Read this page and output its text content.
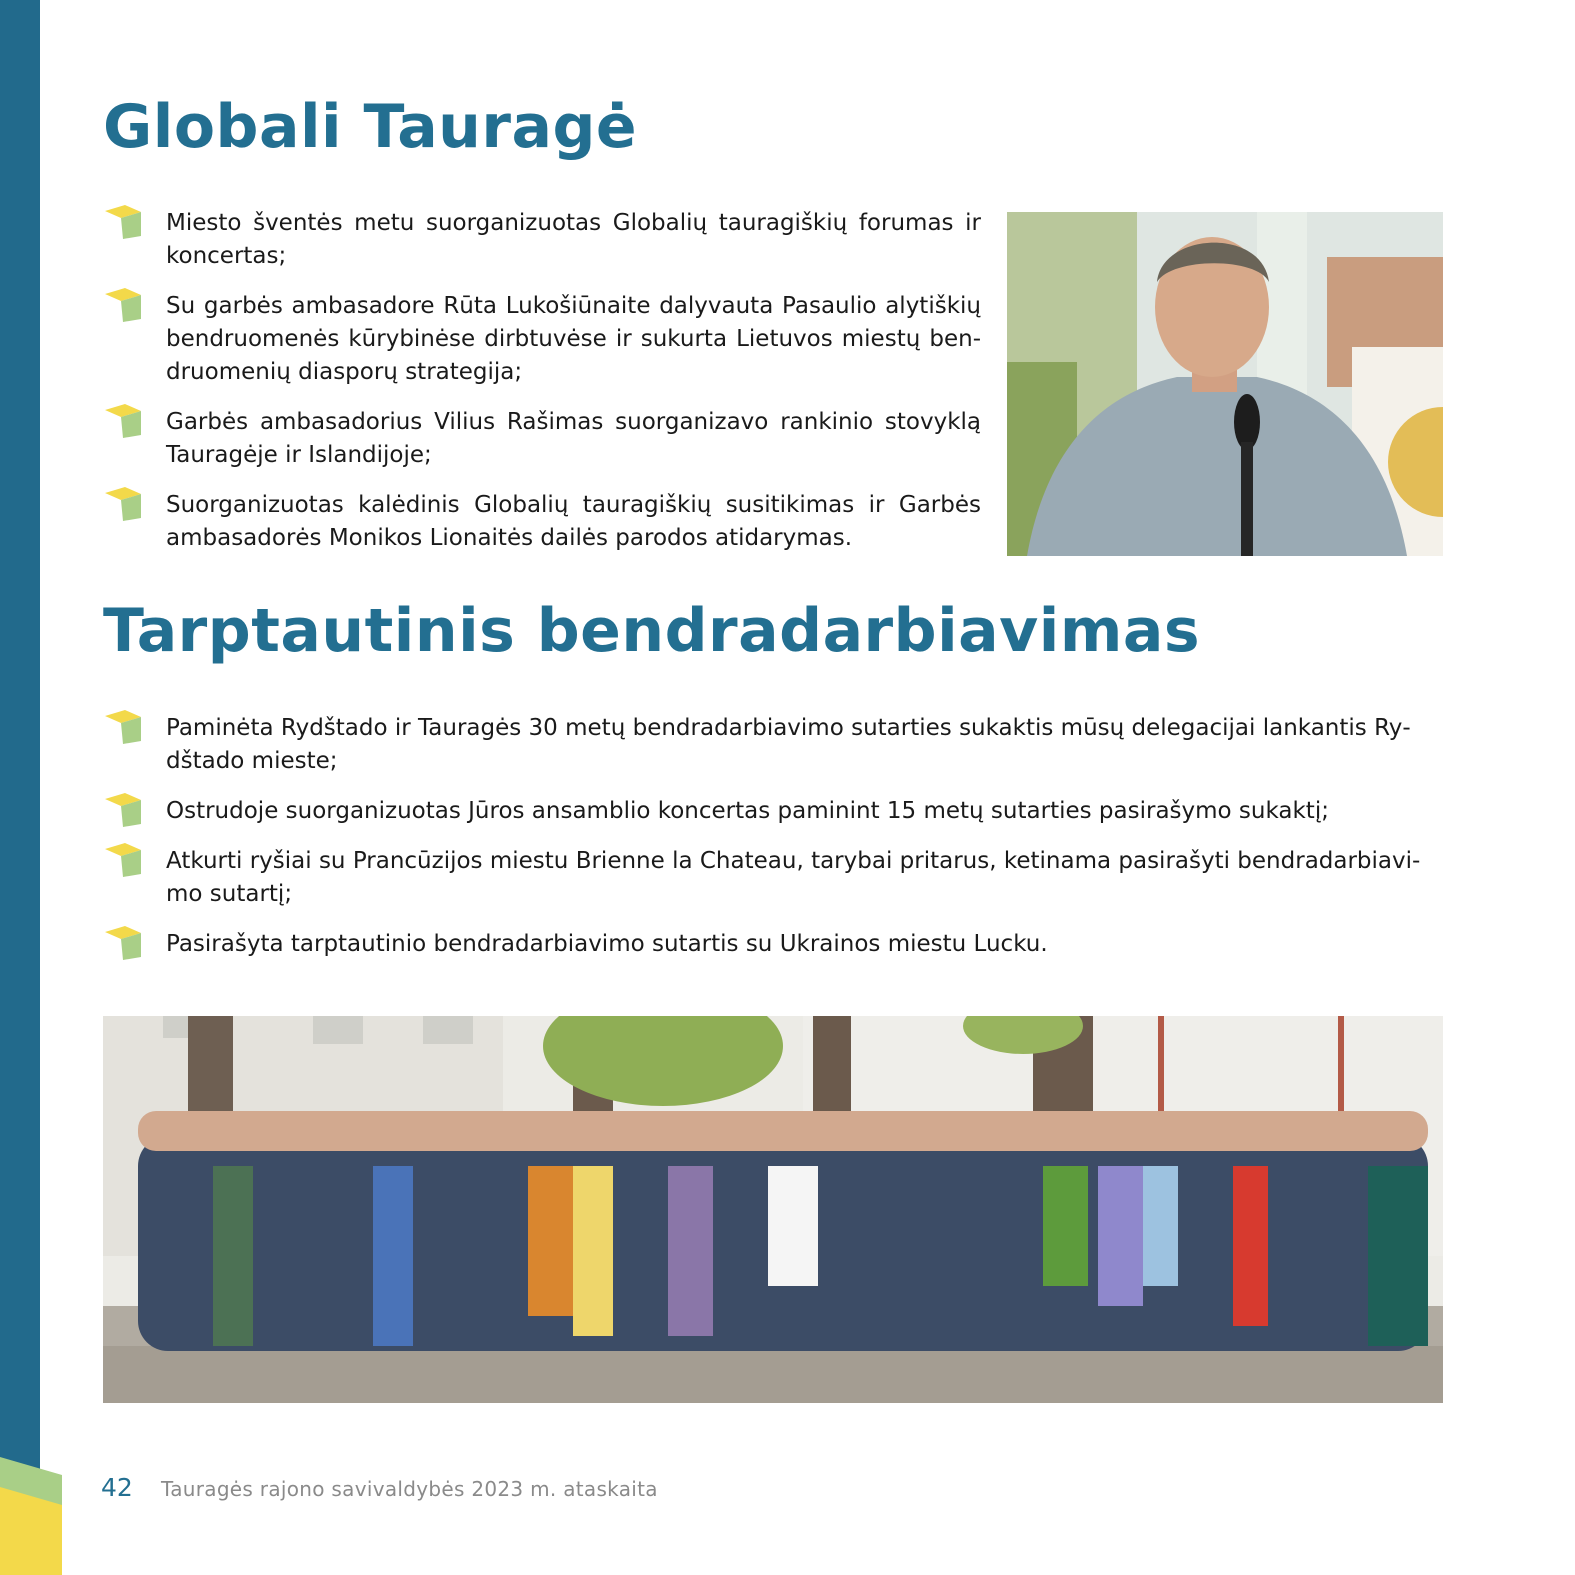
Globali Tauragė
Miesto šventės metu suorganizuotas Globalių tauragiškių forumas ir koncertas;
Su garbės ambasadore Rūta Lukošiūnaite dalyvauta Pasaulio alytiškių bendruomenės kūrybinėse dirbtuvėse ir sukurta Lietuvos miestų bendruomenių diasporų strategija;
Garbės ambasadorius Vilius Rašimas suorganizavo rankinio stovyklą Tauragėje ir Islandijoje;
Suorganizuotas kalėdinis Globalių tauragiškių susitikimas ir Garbės ambasadorės Monikos Lionaitės dailės parodos atidarymas.
Tarptautinis bendradarbiavimas
Paminėta Rydštado ir Tauragės 30 metų bendradarbiavimo sutarties sukaktis mūsų delegacijai lankantis Rydštado mieste;
Ostrudoje suorganizuotas Jūros ansamblio koncertas paminint 15 metų sutarties pasirašymo sukaktį;
Atkurti ryšiai su Prancūzijos miestu Brienne la Chateau, tarybai pritarus, ketinama pasirašyti bendradarbiavimo sutartį;
Pasirašyta tarptautinio bendradarbiavimo sutartis su Ukrainos miestu Lucku.
42 Tauragės rajono savivaldybės 2023 m. ataskaita
